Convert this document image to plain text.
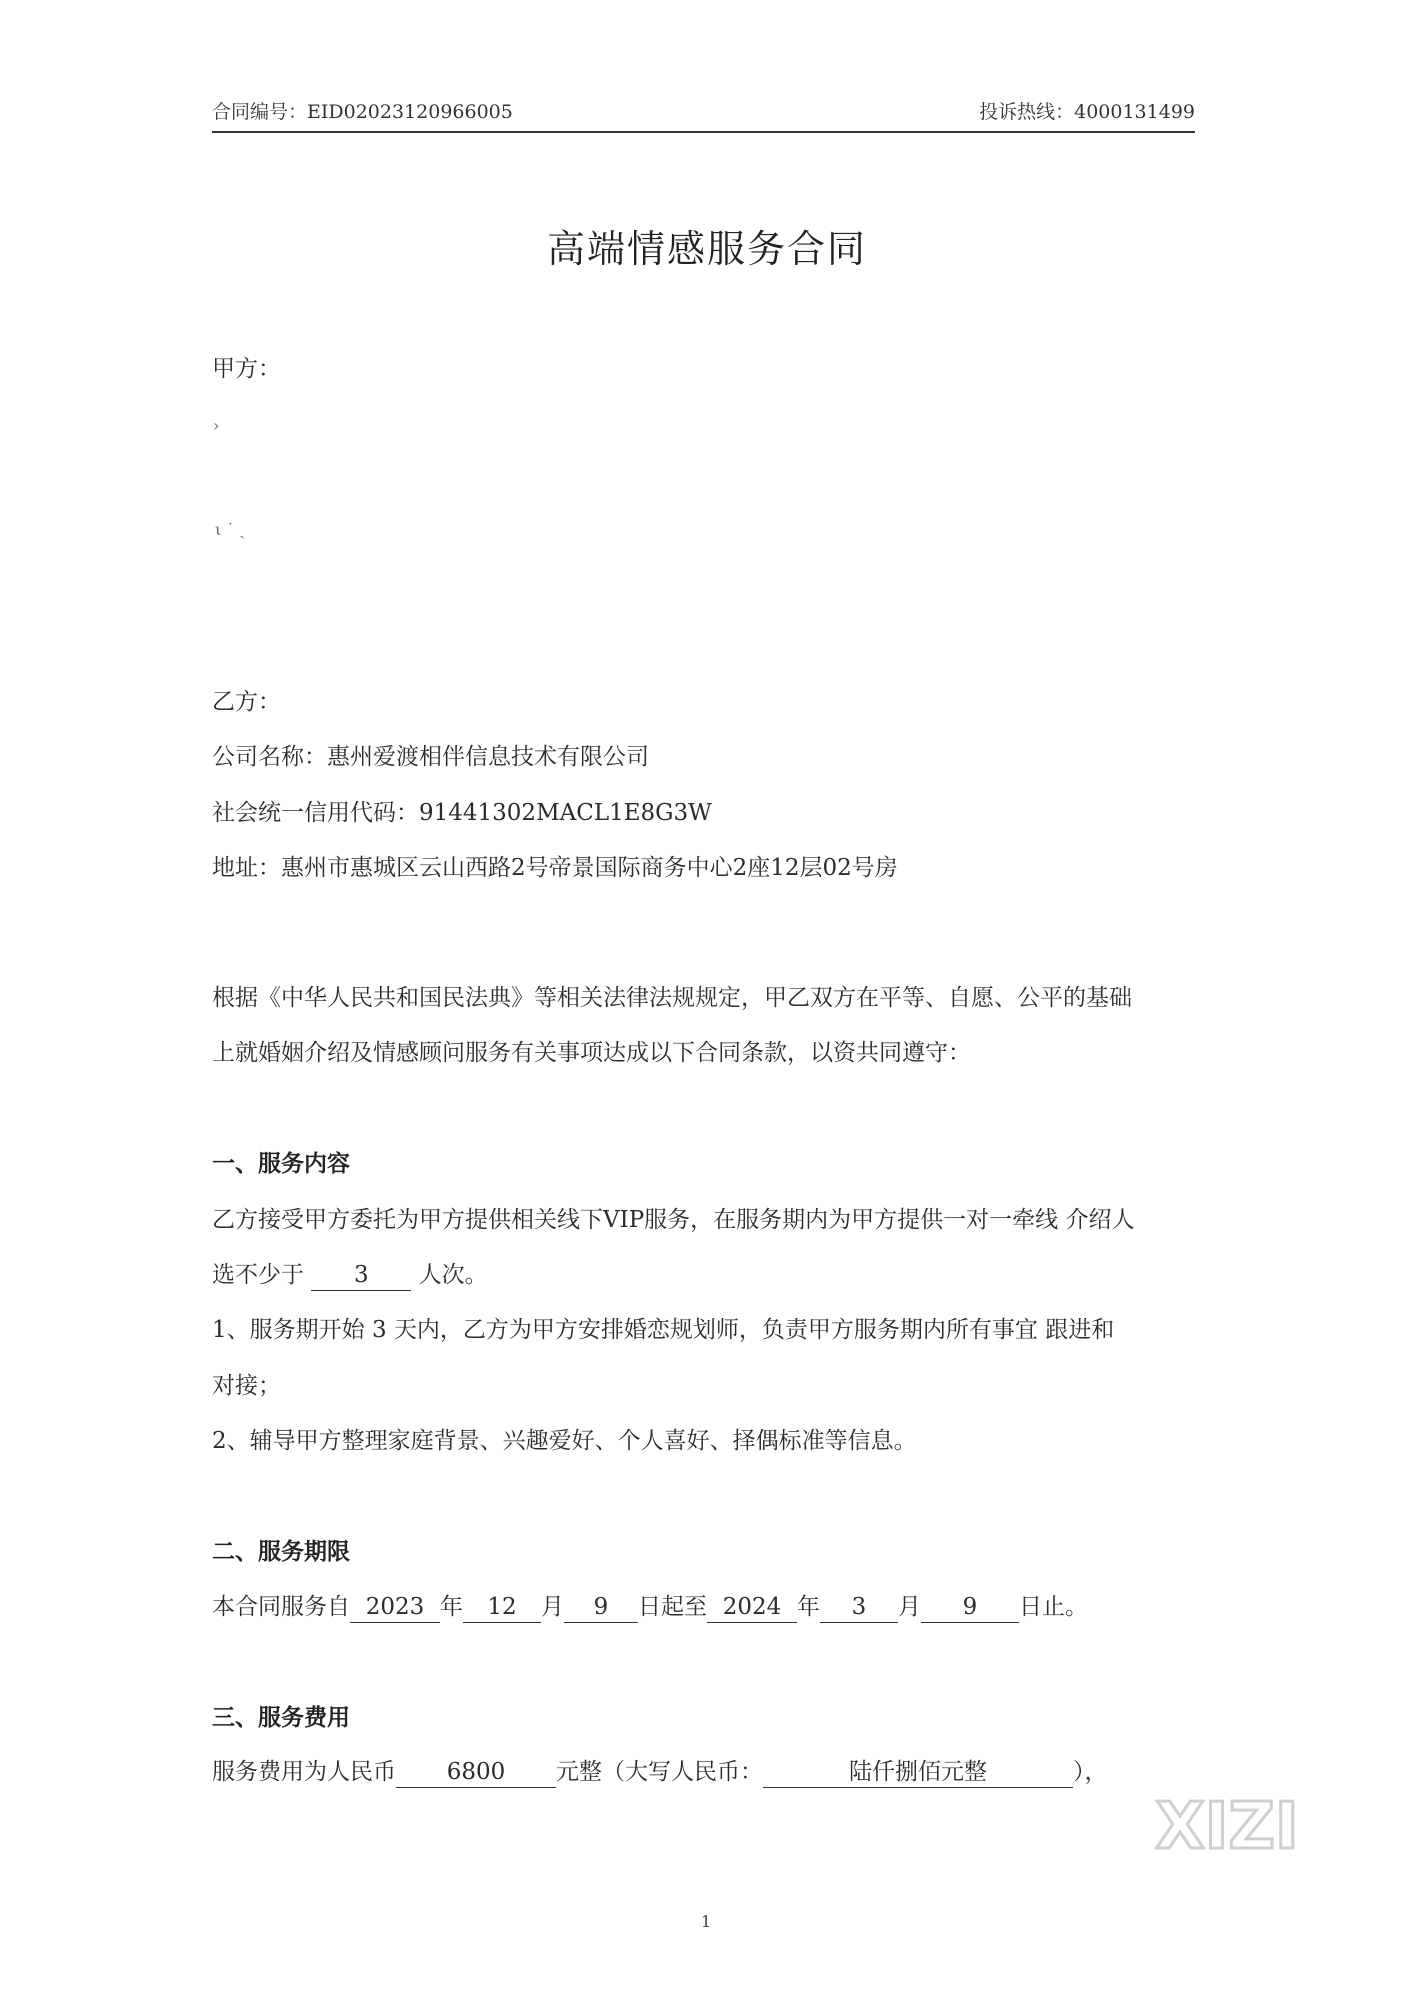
合同编号：EID02023120966005	投诉热线：4000131499
高端情感服务合同
甲方：
›
ι ˙ ˎ
乙方：
公司名称：惠州爱渡相伴信息技术有限公司
社会统一信用代码：91441302MACL1E8G3W
地址：惠州市惠城区云山西路2号帝景国际商务中心2座12层02号房
根据《中华人民共和国民法典》等相关法律法规规定，甲乙双方在平等、自愿、公平的基础
上就婚姻介绍及情感顾问服务有关事项达成以下合同条款，以资共同遵守：
一、服务内容
乙方接受甲方委托为甲方提供相关线下VIP服务，在服务期内为甲方提供一对一牵线 介绍人
选不少于 3 人次。
1、服务期开始 3 天内，乙方为甲方安排婚恋规划师，负责甲方服务期内所有事宜 跟进和
对接；
2、辅导甲方整理家庭背景、兴趣爱好、个人喜好、择偶标准等信息。
二、服务期限
本合同服务自 2023 年 12 月 9 日起至 2024 年 3 月 9 日止。
三、服务费用
服务费用为人民币 6800 元整（大写人民币：	陆仟捌佰元整	），
XIZI
1
